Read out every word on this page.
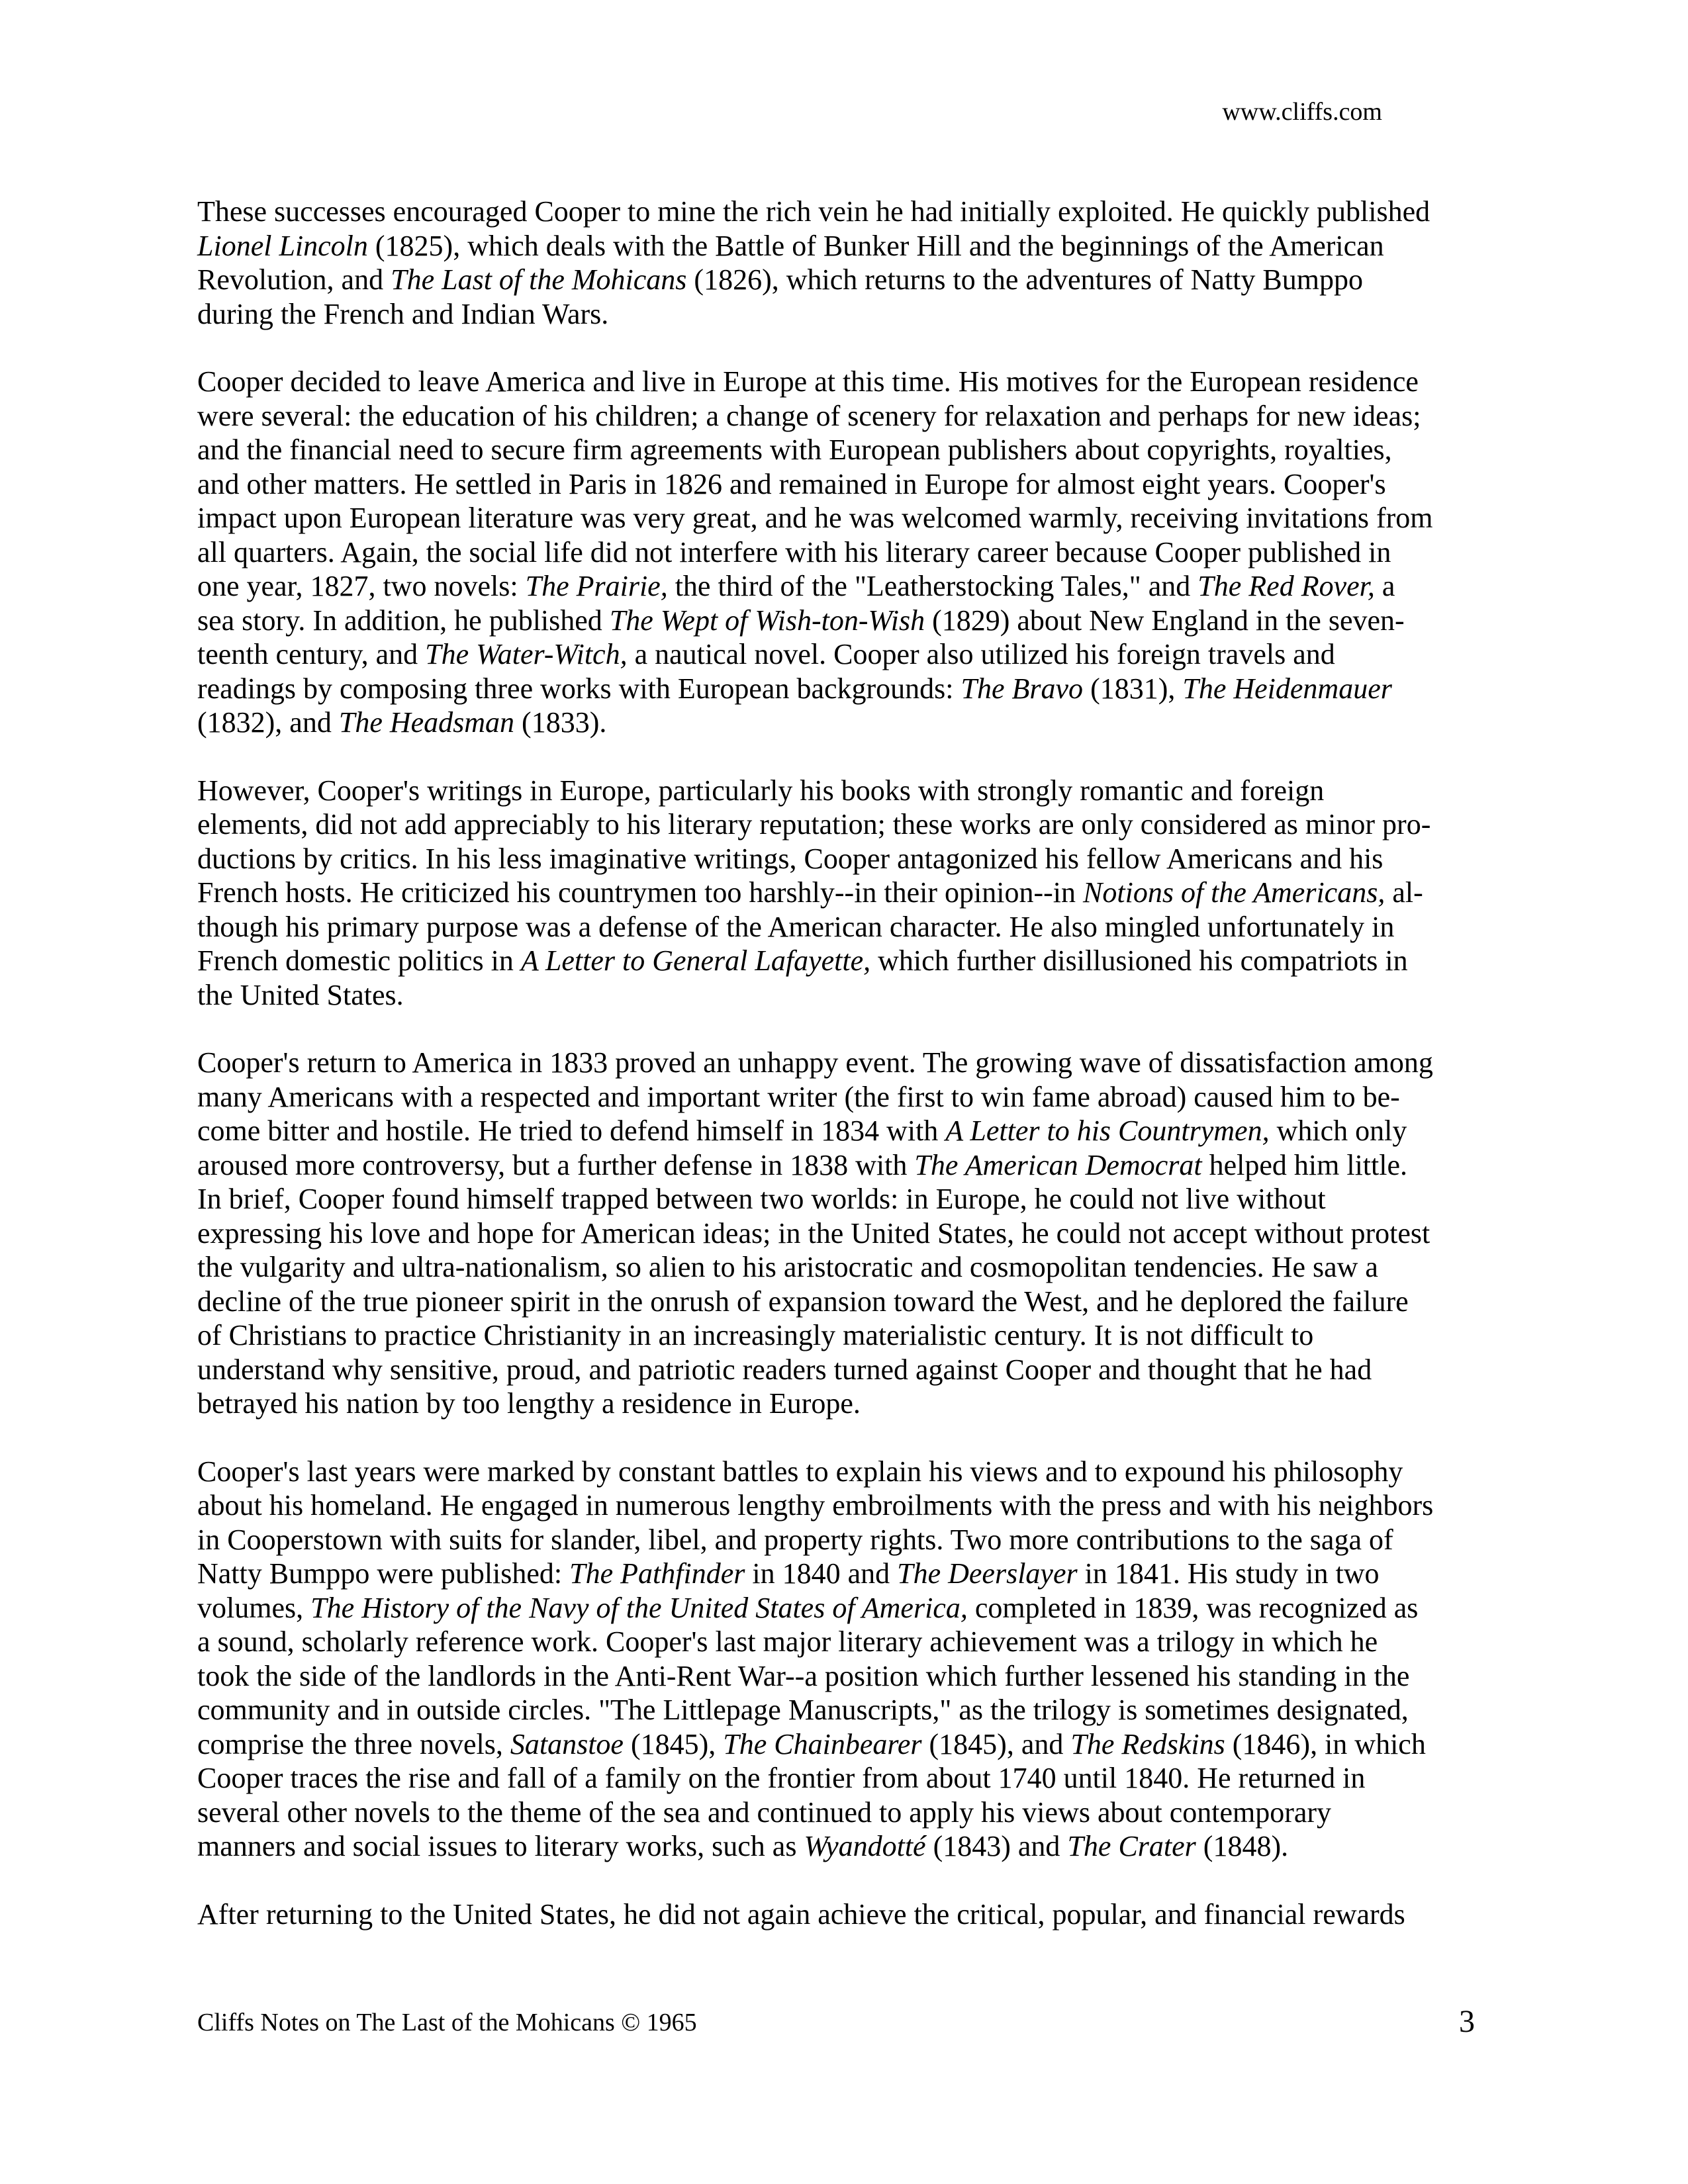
www.cliffs.com
These successes encouraged Cooper to mine the rich vein he had initially exploited. He quickly published
Lionel Lincoln (1825), which deals with the Battle of Bunker Hill and the beginnings of the American
Revolution, and The Last of the Mohicans (1826), which returns to the adventures of Natty Bumppo
during the French and Indian Wars.
Cooper decided to leave America and live in Europe at this time. His motives for the European residence
were several: the education of his children; a change of scenery for relaxation and perhaps for new ideas;
and the financial need to secure firm agreements with European publishers about copyrights, royalties,
and other matters. He settled in Paris in 1826 and remained in Europe for almost eight years. Cooper's
impact upon European literature was very great, and he was welcomed warmly, receiving invitations from
all quarters. Again, the social life did not interfere with his literary career because Cooper published in
one year, 1827, two novels: The Prairie, the third of the "Leatherstocking Tales," and The Red Rover, a
sea story. In addition, he published The Wept of Wish-ton-Wish (1829) about New England in the seven-
teenth century, and The Water-Witch, a nautical novel. Cooper also utilized his foreign travels and
readings by composing three works with European backgrounds: The Bravo (1831), The Heidenmauer
(1832), and The Headsman (1833).
However, Cooper's writings in Europe, particularly his books with strongly romantic and foreign
elements, did not add appreciably to his literary reputation; these works are only considered as minor pro-
ductions by critics. In his less imaginative writings, Cooper antagonized his fellow Americans and his
French hosts. He criticized his countrymen too harshly--in their opinion--in Notions of the Americans, al-
though his primary purpose was a defense of the American character. He also mingled unfortunately in
French domestic politics in A Letter to General Lafayette, which further disillusioned his compatriots in
the United States.
Cooper's return to America in 1833 proved an unhappy event. The growing wave of dissatisfaction among
many Americans with a respected and important writer (the first to win fame abroad) caused him to be-
come bitter and hostile. He tried to defend himself in 1834 with A Letter to his Countrymen, which only
aroused more controversy, but a further defense in 1838 with The American Democrat helped him little.
In brief, Cooper found himself trapped between two worlds: in Europe, he could not live without
expressing his love and hope for American ideas; in the United States, he could not accept without protest
the vulgarity and ultra-nationalism, so alien to his aristocratic and cosmopolitan tendencies. He saw a
decline of the true pioneer spirit in the onrush of expansion toward the West, and he deplored the failure
of Christians to practice Christianity in an increasingly materialistic century. It is not difficult to
understand why sensitive, proud, and patriotic readers turned against Cooper and thought that he had
betrayed his nation by too lengthy a residence in Europe.
Cooper's last years were marked by constant battles to explain his views and to expound his philosophy
about his homeland. He engaged in numerous lengthy embroilments with the press and with his neighbors
in Cooperstown with suits for slander, libel, and property rights. Two more contributions to the saga of
Natty Bumppo were published: The Pathfinder in 1840 and The Deerslayer in 1841. His study in two
volumes, The History of the Navy of the United States of America, completed in 1839, was recognized as
a sound, scholarly reference work. Cooper's last major literary achievement was a trilogy in which he
took the side of the landlords in the Anti-Rent War--a position which further lessened his standing in the
community and in outside circles. "The Littlepage Manuscripts," as the trilogy is sometimes designated,
comprise the three novels, Satanstoe (1845), The Chainbearer (1845), and The Redskins (1846), in which
Cooper traces the rise and fall of a family on the frontier from about 1740 until 1840. He returned in
several other novels to the theme of the sea and continued to apply his views about contemporary
manners and social issues to literary works, such as Wyandotté (1843) and The Crater (1848).
After returning to the United States, he did not again achieve the critical, popular, and financial rewards
Cliffs Notes on The Last of the Mohicans © 1965	3
